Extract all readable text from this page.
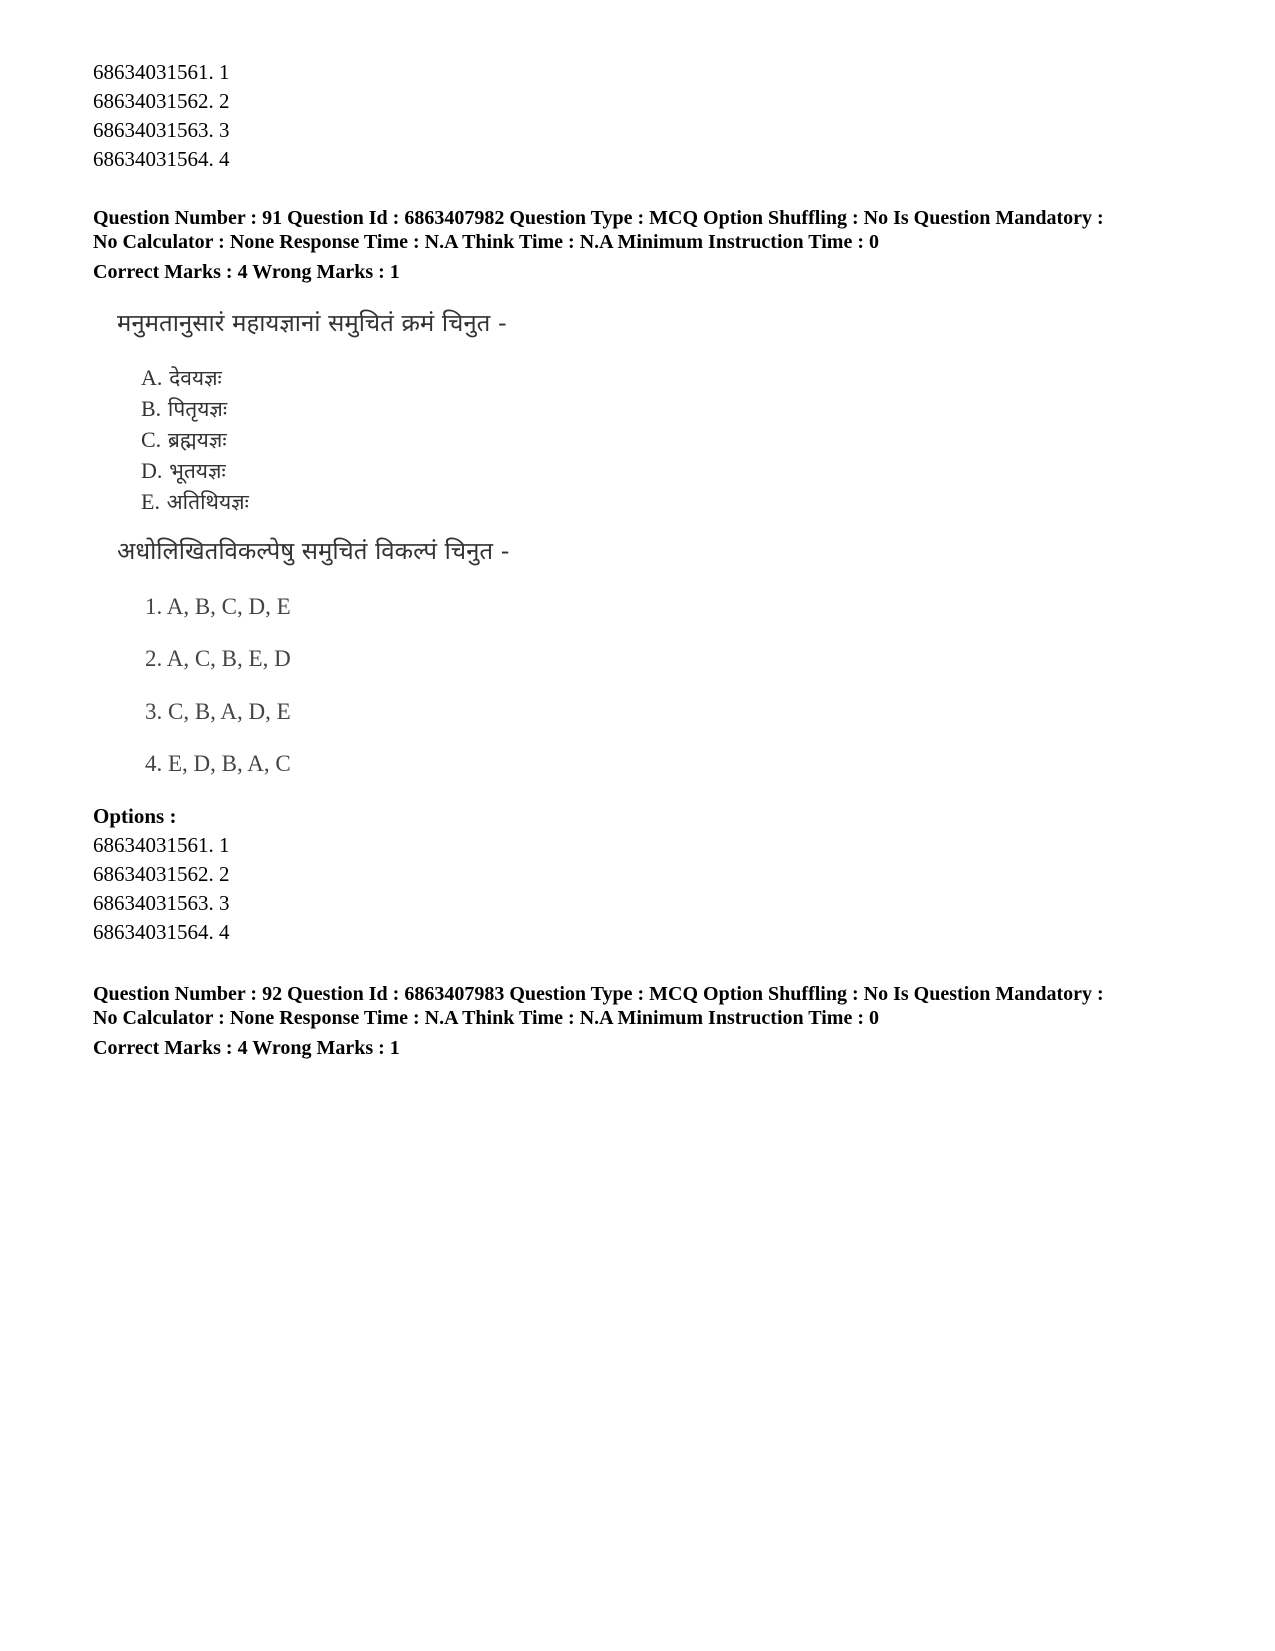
68634031561. 1

68634031562. 2

68634031563. 3

68634031564. 4

Question Number : 91 Question Id : 6863407982 Question Type : MCQ Option Shuffling : No Is Question Mandatory :
No Calculator : None Response Time : N.A Think Time : N.A Minimum Instruction Time : 0
Correct Marks : 4 Wrong Marks : 1
मनुमतानुसारं महायज्ञानां समुचितं क्रमं चिनुत -
A. देवयज्ञः
B. पितृयज्ञः
C. ब्रह्मयज्ञः
D. भूतयज्ञः
E. अतिथियज्ञः
अधोलिखितविकल्पेषु समुचितं विकल्पं चिनुत -
1. A, B, C, D, E
2. A, C, B, E, D
3. C, B, A, D, E
4. E, D, B, A, C

Options :

68634031561. 1

68634031562. 2

68634031563. 3

68634031564. 4

Question Number : 92 Question Id : 6863407983 Question Type : MCQ Option Shuffling : No Is Question Mandatory :
No Calculator : None Response Time : N.A Think Time : N.A Minimum Instruction Time : 0
Correct Marks : 4 Wrong Marks : 1
